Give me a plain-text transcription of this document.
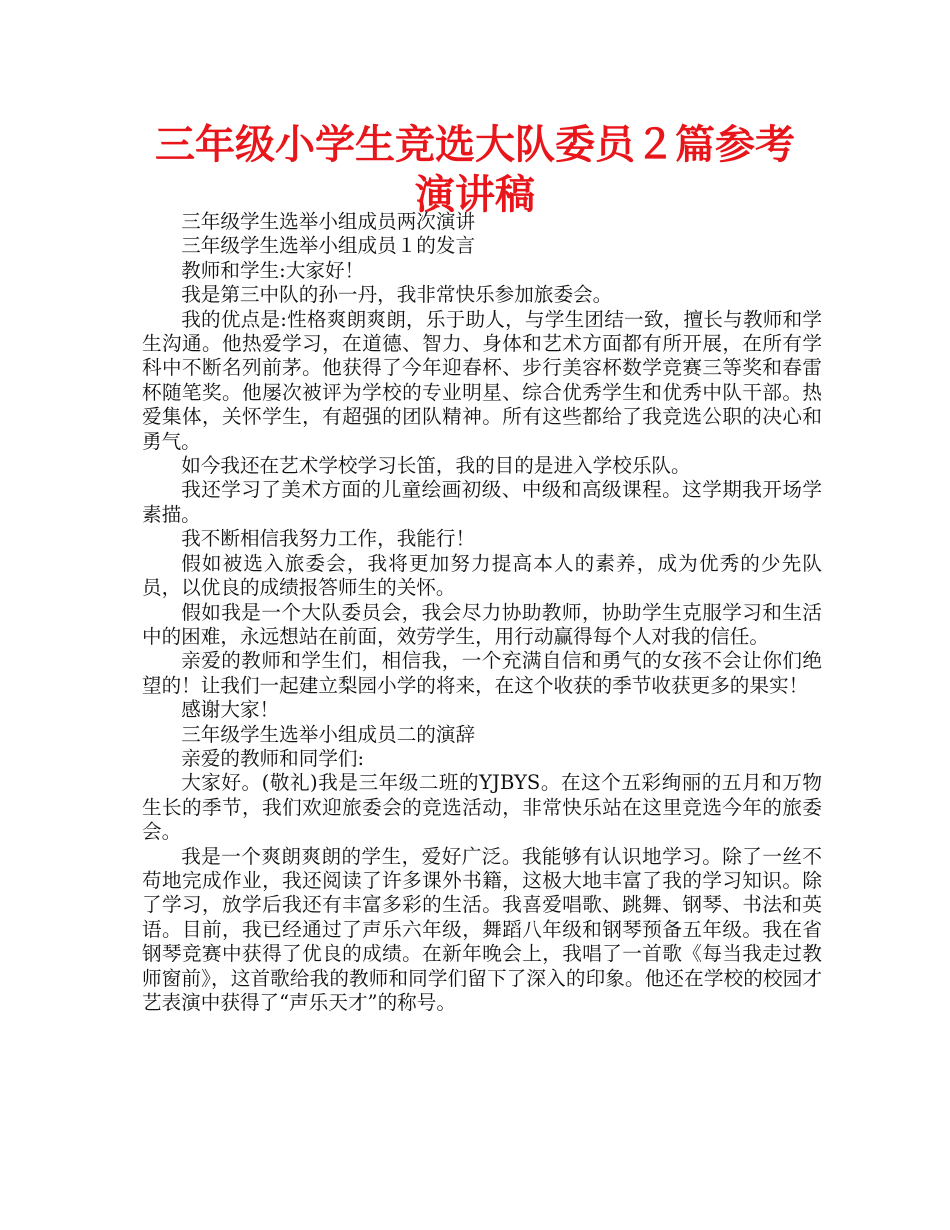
三年级小学生竞选大队委员２篇参考演讲稿

三年级学生选举小组成员两次演讲

三年级学生选举小组成员１的发言

教师和学生:大家好！

我是第三中队的孙一丹，我非常快乐参加旅委会。

我的优点是:性格爽朗爽朗，乐于助人，与学生团结一致，擅长与教师和学生沟通。他热爱学习，在道德、智力、身体和艺术方面都有所开展，在所有学科中不断名列前茅。他获得了今年迎春杯、步行美容杯数学竞赛三等奖和春雷杯随笔奖。他屡次被评为学校的专业明星、综合优秀学生和优秀中队干部。热爱集体，关怀学生，有超强的团队精神。所有这些都给了我竞选公职的决心和勇气。

如今我还在艺术学校学习长笛，我的目的是进入学校乐队。

我还学习了美术方面的儿童绘画初级、中级和高级课程。这学期我开场学素描。

我不断相信我努力工作，我能行！

假如被选入旅委会，我将更加努力提高本人的素养，成为优秀的少先队员，以优良的成绩报答师生的关怀。

假如我是一个大队委员会，我会尽力协助教师，协助学生克服学习和生活中的困难，永远想站在前面，效劳学生，用行动赢得每个人对我的信任。

亲爱的教师和学生们，相信我，一个充满自信和勇气的女孩不会让你们绝望的！让我们一起建立梨园小学的将来，在这个收获的季节收获更多的果实！

感谢大家！

三年级学生选举小组成员二的演辞

亲爱的教师和同学们:

大家好。(敬礼)我是三年级二班的YJBYS。在这个五彩绚丽的五月和万物生长的季节，我们欢迎旅委会的竞选活动，非常快乐站在这里竞选今年的旅委会。

我是一个爽朗爽朗的学生，爱好广泛。我能够有认识地学习。除了一丝不苟地完成作业，我还阅读了许多课外书籍，这极大地丰富了我的学习知识。除了学习，放学后我还有丰富多彩的生活。我喜爱唱歌、跳舞、钢琴、书法和英语。目前，我已经通过了声乐六年级，舞蹈八年级和钢琴预备五年级。我在省钢琴竞赛中获得了优良的成绩。在新年晚会上，我唱了一首歌《每当我走过教师窗前》，这首歌给我的教师和同学们留下了深入的印象。他还在学校的校园才艺表演中获得了“声乐天才”的称号。
